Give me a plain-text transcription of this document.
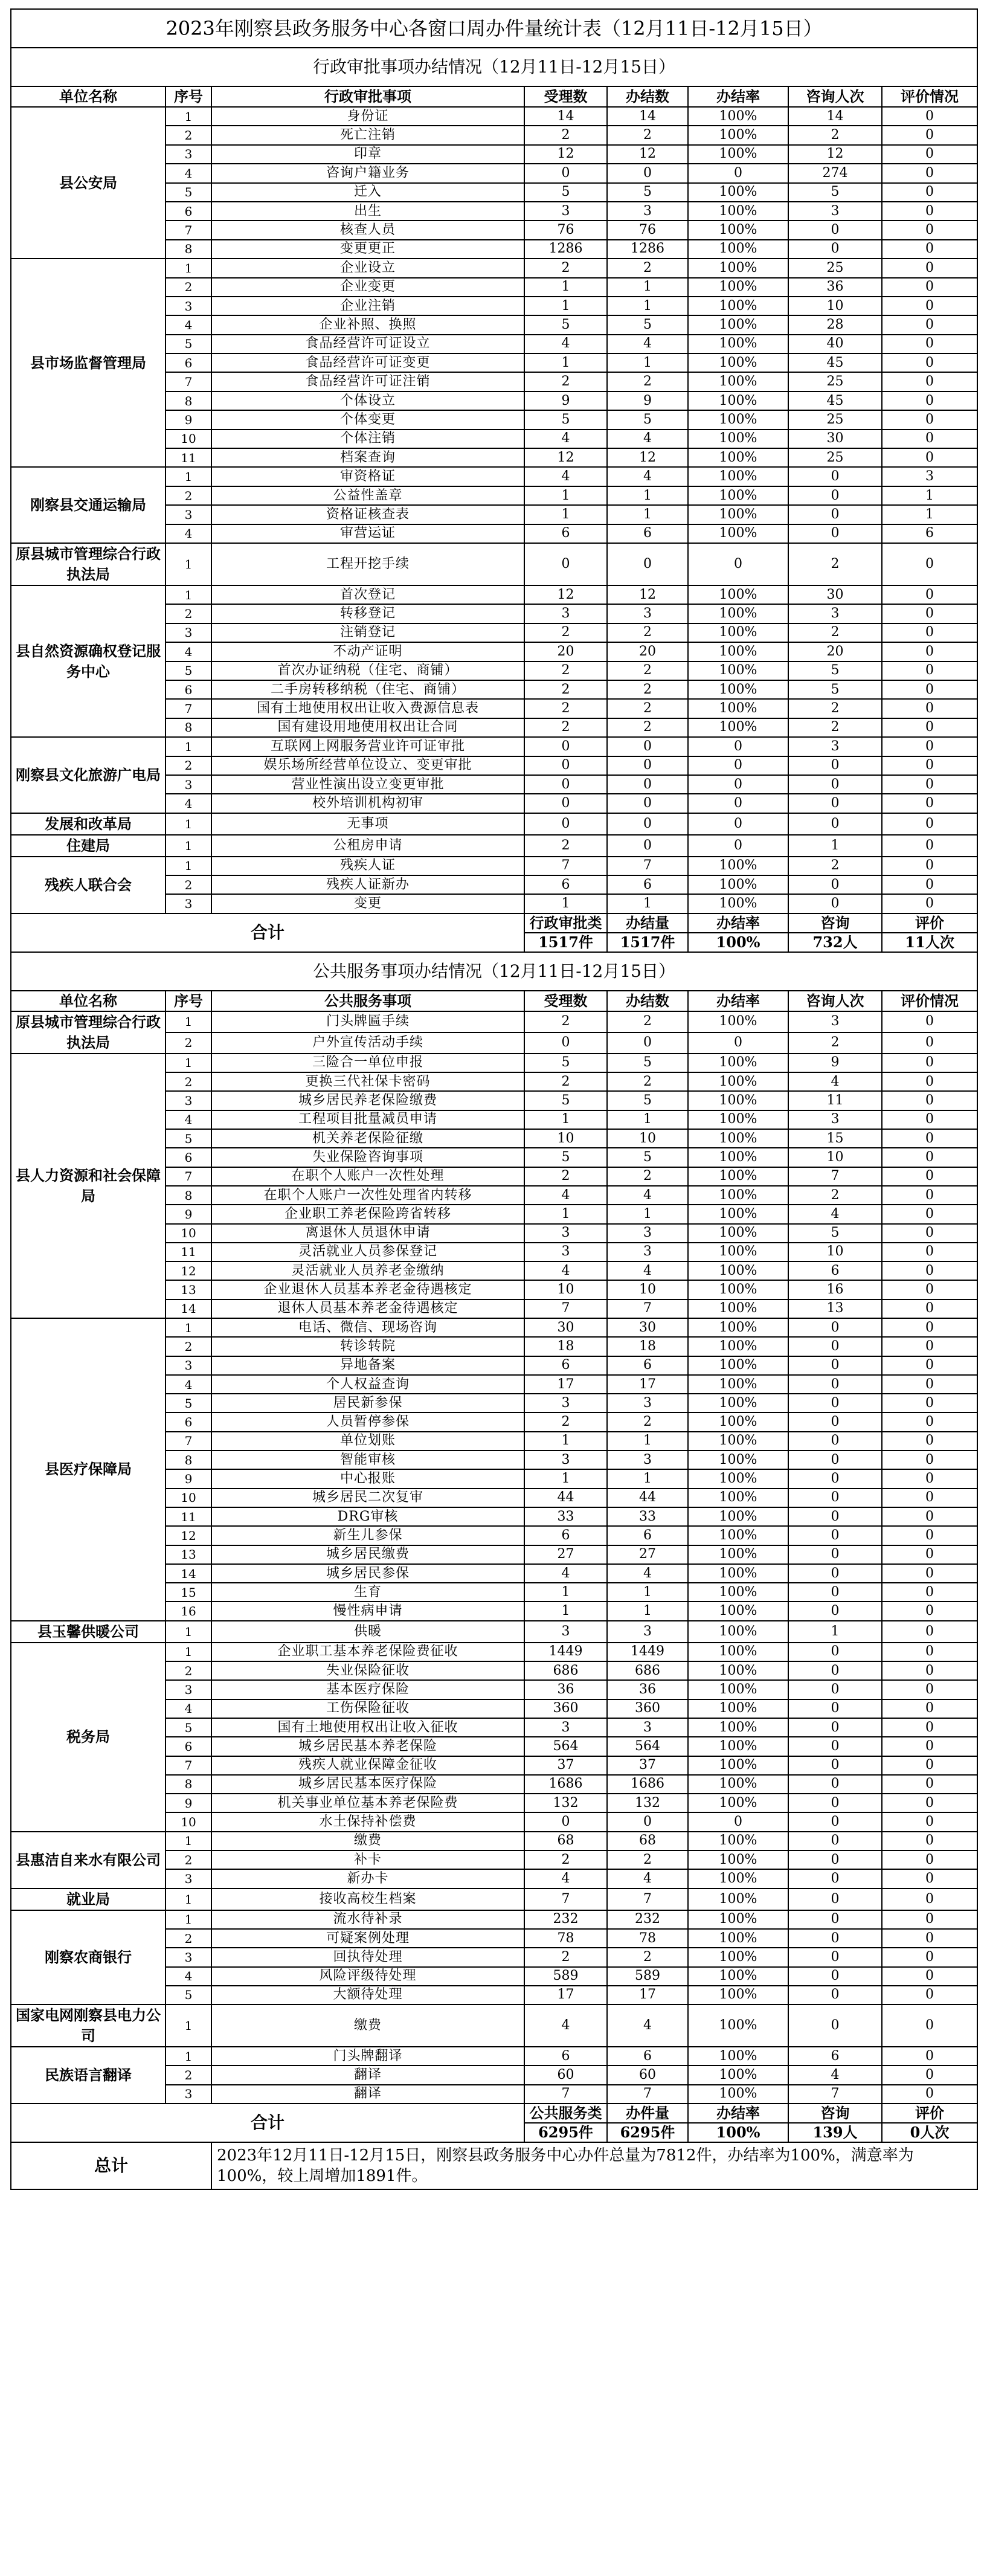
2023年刚察县政务服务中心各窗口周办件量统计表（12月11日-12月15日）							
行政审批事项办结情况（12月11日-12月15日）							
单位名称	序号	行政审批事项	受理数	办结数	办结率	咨询人次	评价情况
县公安局	1	身份证	14	14	100%	14	0
	2	死亡注销	2	2	100%	2	0
	3	印章	12	12	100%	12	0
	4	咨询户籍业务	0	0	0	274	0
	5	迁入	5	5	100%	5	0
	6	出生	3	3	100%	3	0
	7	核查人员	76	76	100%	0	0
	8	变更更正	1286	1286	100%	0	0
县市场监督管理局	1	企业设立	2	2	100%	25	0
	2	企业变更	1	1	100%	36	0
	3	企业注销	1	1	100%	10	0
	4	企业补照、换照	5	5	100%	28	0
	5	食品经营许可证设立	4	4	100%	40	0
	6	食品经营许可证变更	1	1	100%	45	0
	7	食品经营许可证注销	2	2	100%	25	0
	8	个体设立	9	9	100%	45	0
	9	个体变更	5	5	100%	25	0
	10	个体注销	4	4	100%	30	0
	11	档案查询	12	12	100%	25	0
刚察县交通运输局	1	审资格证	4	4	100%	0	3
	2	公益性盖章	1	1	100%	0	1
	3	资格证核查表	1	1	100%	0	1
	4	审营运证	6	6	100%	0	6
原县城市管理综合行政执法局	1	工程开挖手续	0	0	0	2	0
县自然资源确权登记服务中心	1	首次登记	12	12	100%	30	0
	2	转移登记	3	3	100%	3	0
	3	注销登记	2	2	100%	2	0
	4	不动产证明	20	20	100%	20	0
	5	首次办证纳税（住宅、商铺）	2	2	100%	5	0
	6	二手房转移纳税（住宅、商铺）	2	2	100%	5	0
	7	国有土地使用权出让收入费源信息表	2	2	100%	2	0
	8	国有建设用地使用权出让合同	2	2	100%	2	0
刚察县文化旅游广电局	1	互联网上网服务营业许可证审批	0	0	0	3	0
	2	娱乐场所经营单位设立、变更审批	0	0	0	0	0
	3	营业性演出设立变更审批	0	0	0	0	0
	4	校外培训机构初审	0	0	0	0	0
发展和改革局	1	无事项	0	0	0	0	0
住建局	1	公租房申请	2	0	0	1	0
残疾人联合会	1	残疾人证	7	7	100%	2	0
	2	残疾人证新办	6	6	100%	0	0
	3	变更	1	1	100%	0	0
合计			行政审批类	办结量	办结率	咨询	评价
			1517件	1517件	100%	732人	11人次
公共服务事项办结情况（12月11日-12月15日）							
单位名称	序号	公共服务事项	受理数	办结数	办结率	咨询人次	评价情况
原县城市管理综合行政执法局	1	门头牌匾手续	2	2	100%	3	0
	2	户外宣传活动手续	0	0	0	2	0
县人力资源和社会保障局	1	三险合一单位申报	5	5	100%	9	0
	2	更换三代社保卡密码	2	2	100%	4	0
	3	城乡居民养老保险缴费	5	5	100%	11	0
	4	工程项目批量减员申请	1	1	100%	3	0
	5	机关养老保险征缴	10	10	100%	15	0
	6	失业保险咨询事项	5	5	100%	10	0
	7	在职个人账户一次性处理	2	2	100%	7	0
	8	在职个人账户一次性处理省内转移	4	4	100%	2	0
	9	企业职工养老保险跨省转移	1	1	100%	4	0
	10	离退休人员退休申请	3	3	100%	5	0
	11	灵活就业人员参保登记	3	3	100%	10	0
	12	灵活就业人员养老金缴纳	4	4	100%	6	0
	13	企业退休人员基本养老金待遇核定	10	10	100%	16	0
	14	退休人员基本养老金待遇核定	7	7	100%	13	0
县医疗保障局	1	电话、微信、现场咨询	30	30	100%	0	0
	2	转诊转院	18	18	100%	0	0
	3	异地备案	6	6	100%	0	0
	4	个人权益查询	17	17	100%	0	0
	5	居民新参保	3	3	100%	0	0
	6	人员暂停参保	2	2	100%	0	0
	7	单位划账	1	1	100%	0	0
	8	智能审核	3	3	100%	0	0
	9	中心报账	1	1	100%	0	0
	10	城乡居民二次复审	44	44	100%	0	0
	11	DRG审核	33	33	100%	0	0
	12	新生儿参保	6	6	100%	0	0
	13	城乡居民缴费	27	27	100%	0	0
	14	城乡居民参保	4	4	100%	0	0
	15	生育	1	1	100%	0	0
	16	慢性病申请	1	1	100%	0	0
县玉馨供暖公司	1	供暖	3	3	100%	1	0
税务局	1	企业职工基本养老保险费征收	1449	1449	100%	0	0
	2	失业保险征收	686	686	100%	0	0
	3	基本医疗保险	36	36	100%	0	0
	4	工伤保险征收	360	360	100%	0	0
	5	国有土地使用权出让收入征收	3	3	100%	0	0
	6	城乡居民基本养老保险	564	564	100%	0	0
	7	残疾人就业保障金征收	37	37	100%	0	0
	8	城乡居民基本医疗保险	1686	1686	100%	0	0
	9	机关事业单位基本养老保险费	132	132	100%	0	0
	10	水土保持补偿费	0	0	0	0	0
县惠洁自来水有限公司	1	缴费	68	68	100%	0	0
	2	补卡	2	2	100%	0	0
	3	新办卡	4	4	100%	0	0
就业局	1	接收高校生档案	7	7	100%	0	0
刚察农商银行	1	流水待补录	232	232	100%	0	0
	2	可疑案例处理	78	78	100%	0	0
	3	回执待处理	2	2	100%	0	0
	4	风险评级待处理	589	589	100%	0	0
	5	大额待处理	17	17	100%	0	0
国家电网刚察县电力公司	1	缴费	4	4	100%	0	0
民族语言翻译	1	门头牌翻译	6	6	100%	6	0
	2	翻译	60	60	100%	4	0
	3	翻译	7	7	100%	7	0
合计			公共服务类	办件量	办结率	咨询	评价
			6295件	6295件	100%	139人	0人次
总计		2023年12月11日-12月15日，刚察县政务服务中心办件总量为7812件，办结率为100%，满意率为100%，较上周增加1891件。					
